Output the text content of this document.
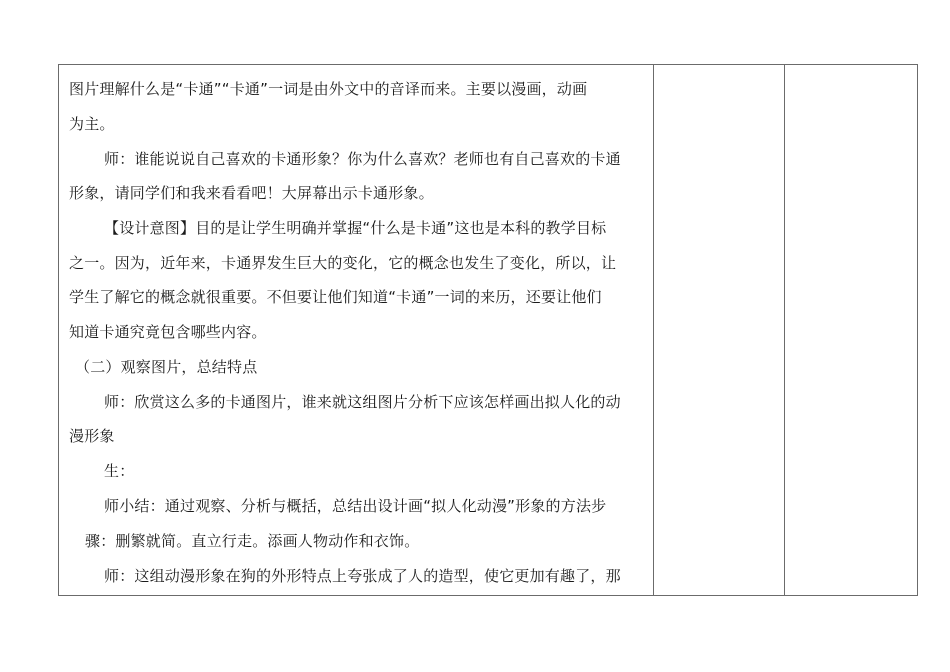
图片理解什么是“卡通”“卡通”一词是由外文中的音译而来。主要以漫画，动画
为主。
师：谁能说说自己喜欢的卡通形象？你为什么喜欢？老师也有自己喜欢的卡通
形象，请同学们和我来看看吧！大屏幕出示卡通形象。
【设计意图】目的是让学生明确并掌握“什么是卡通”这也是本科的教学目标
之一。因为，近年来，卡通界发生巨大的变化，它的概念也发生了变化，所以，让
学生了解它的概念就很重要。不但要让他们知道“卡通”一词的来历，还要让他们
知道卡通究竟包含哪些内容。
（二）观察图片，总结特点
师：欣赏这么多的卡通图片，谁来就这组图片分析下应该怎样画出拟人化的动
漫形象
生：
师小结：通过观察、分析与概括，总结出设计画“拟人化动漫”形象的方法步
骤：删繁就简。直立行走。添画人物动作和衣饰。
师：这组动漫形象在狗的外形特点上夸张成了人的造型，使它更加有趣了，那
